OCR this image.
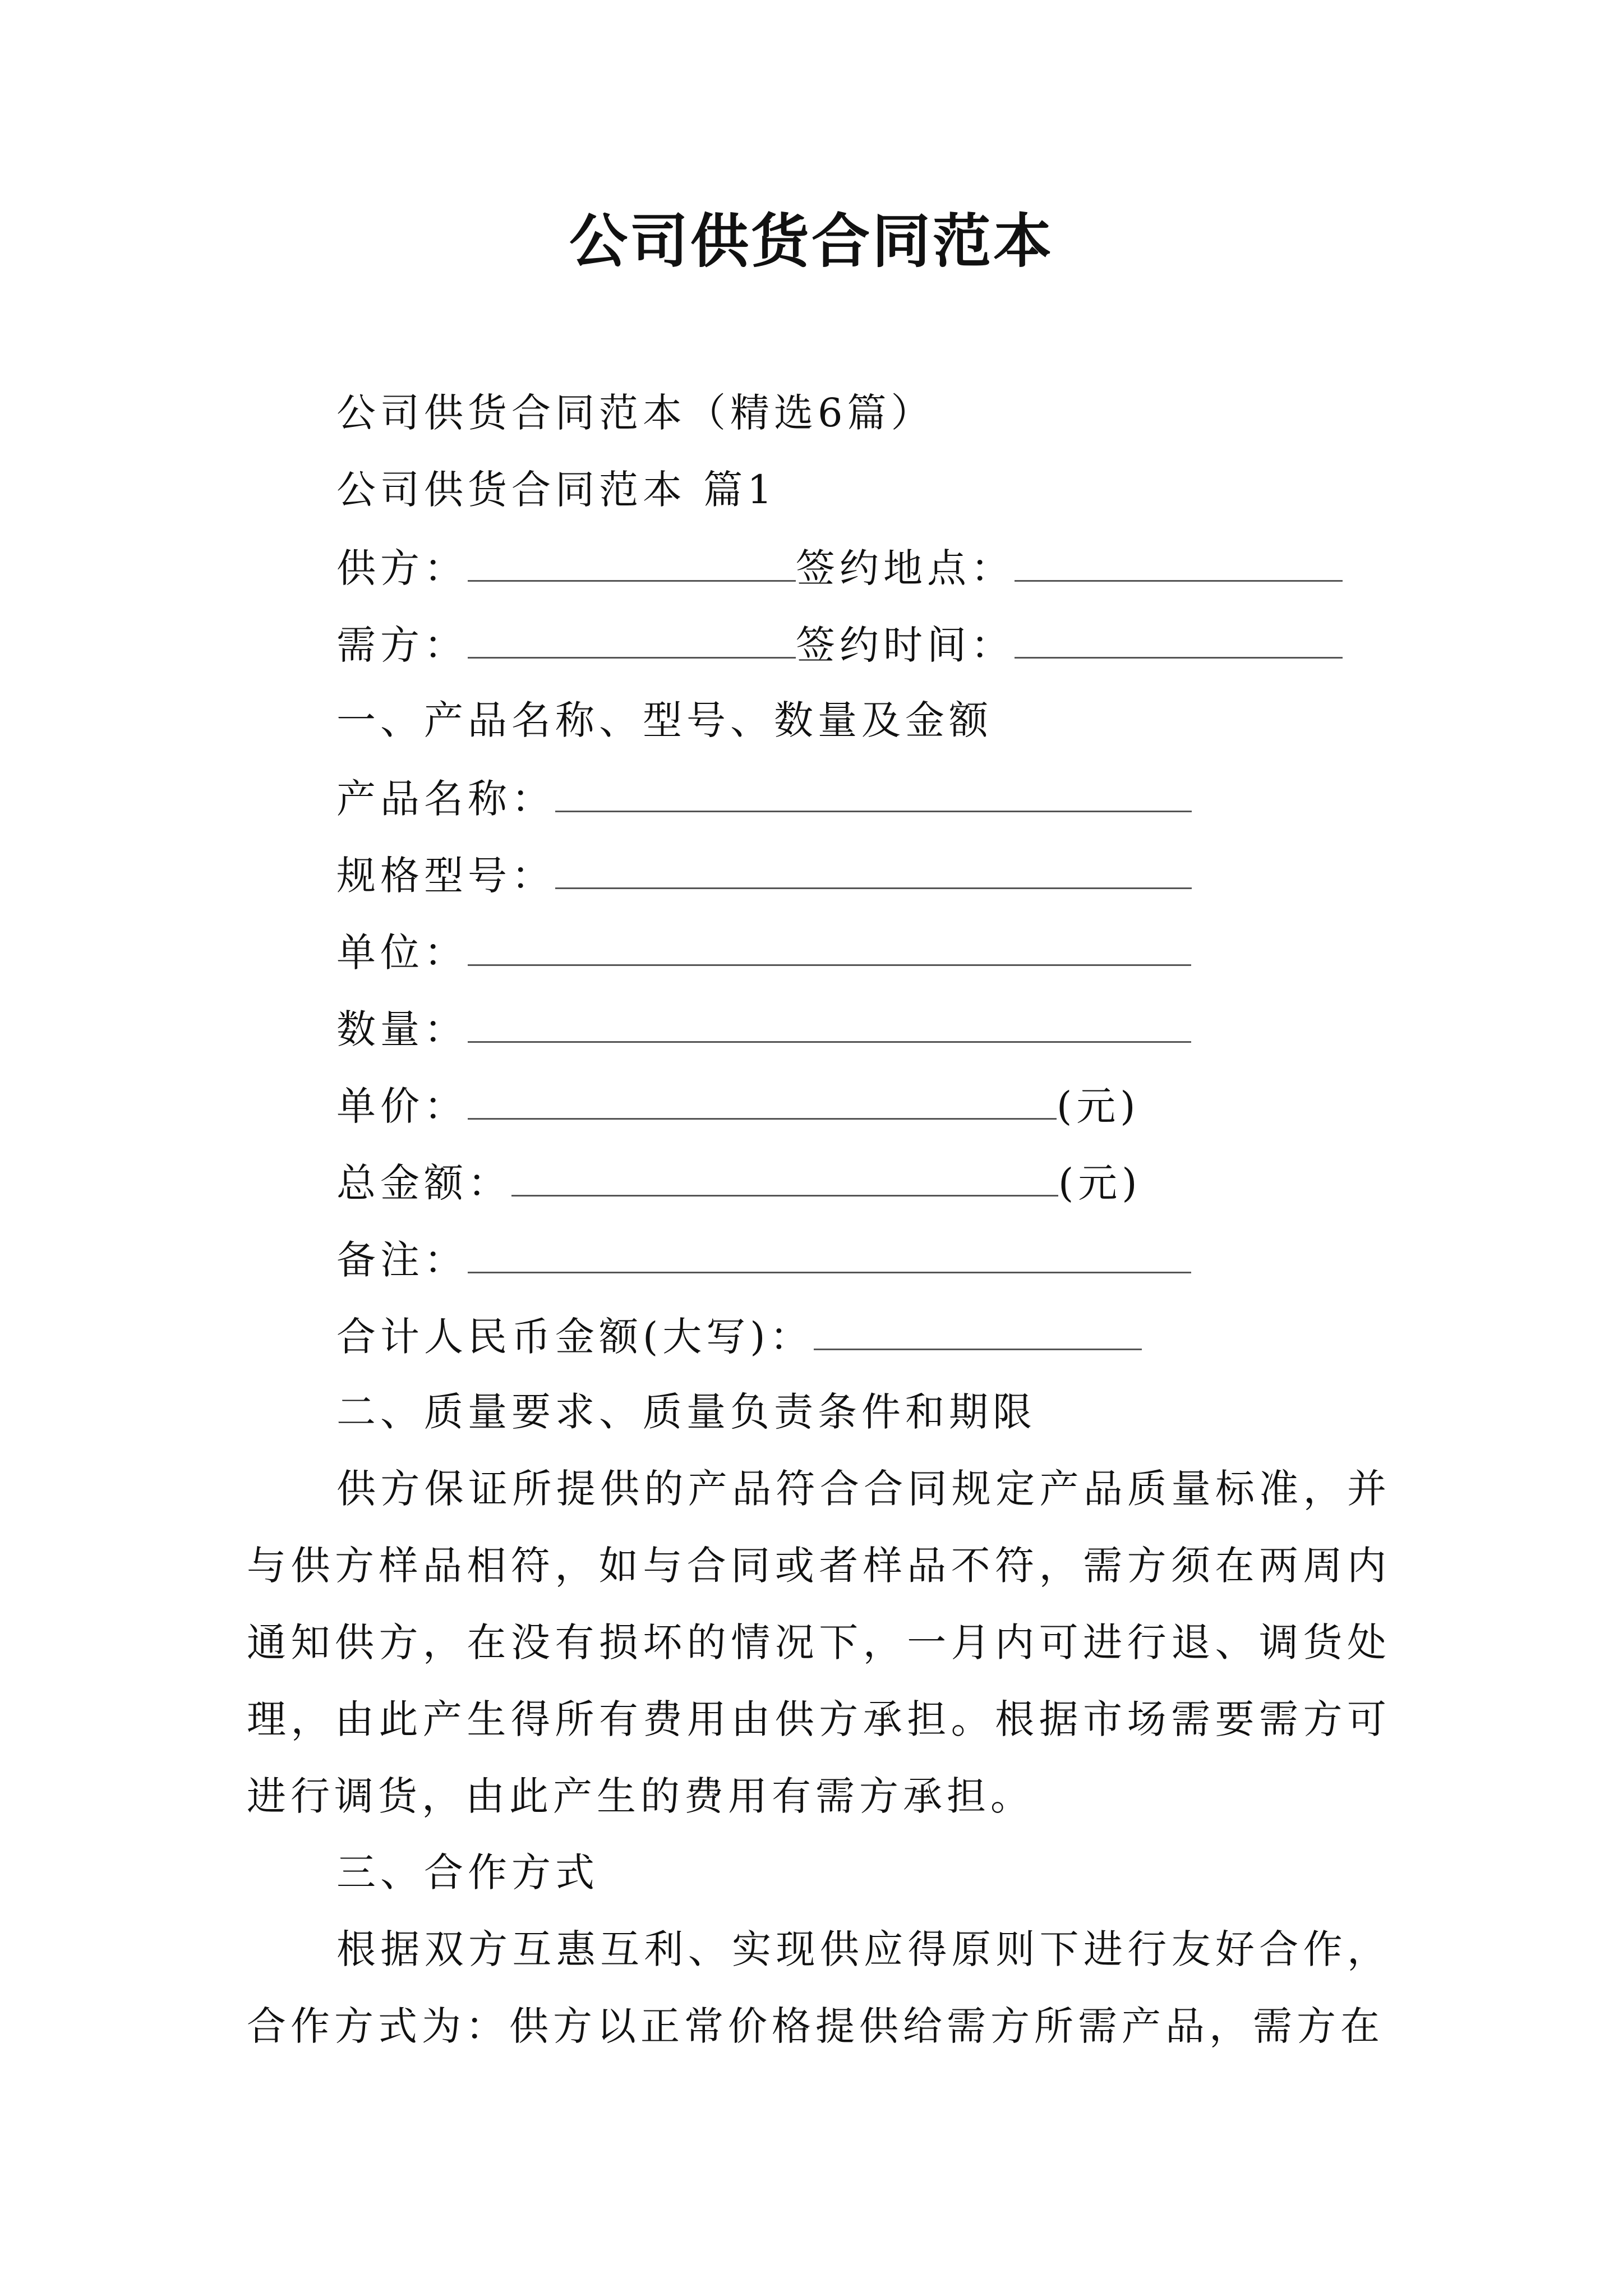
公司供货合同范本
公司供货合同范本（精选6篇）
公司供货合同范本 篇1
供方：	签约地点：
需方：	签约时间：
一、产品名称、型号、数量及金额
产品名称：
规格型号：
单位：
数量：
单价：	(元)
总金额：	(元)
备注：
合计人民币金额(大写)：
二、质量要求、质量负责条件和期限
供方保证所提供的产品符合合同规定产品质量标准，并与供方样品相符，如与合同或者样品不符，需方须在两周内通知供方，在没有损坏的情况下，一月内可进行退、调货处理，由此产生得所有费用由供方承担。根据市场需要需方可进行调货，由此产生的费用有需方承担。
三、合作方式
根据双方互惠互利、实现供应得原则下进行友好合作，合作方式为：供方以正常价格提供给需方所需产品，需方在
